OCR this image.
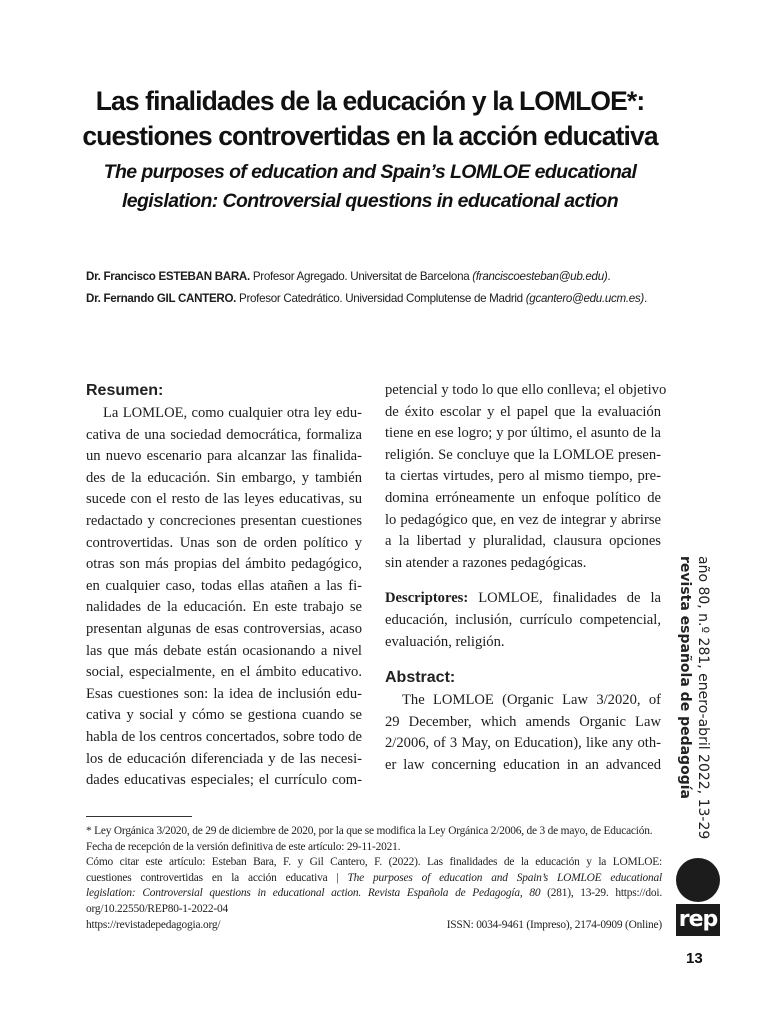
Las finalidades de la educación y la LOMLOE*:
cuestiones controvertidas en la acción educativa
The purposes of education and Spain’s LOMLOE educational
legislation: Controversial questions in educational action
Dr. Francisco ESTEBAN BARA. Profesor Agregado. Universitat de Barcelona (franciscoesteban@ub.edu).
Dr. Fernando GIL CANTERO. Profesor Catedrático. Universidad Complutense de Madrid (gcantero@edu.ucm.es).
Resumen:

La LOMLOE, como cualquier otra ley edu-
cativa de una sociedad democrática, formaliza
un nuevo escenario para alcanzar las finalida-
des de la educación. Sin embargo, y también
sucede con el resto de las leyes educativas, su
redactado y concreciones presentan cuestiones
controvertidas. Unas son de orden político y
otras son más propias del ámbito pedagógico,
en cualquier caso, todas ellas atañen a las fi-
nalidades de la educación. En este trabajo se
presentan algunas de esas controversias, acaso
las que más debate están ocasionando a nivel
social, especialmente, en el ámbito educativo.
Esas cuestiones son: la idea de inclusión edu-
cativa y social y cómo se gestiona cuando se
habla de los centros concertados, sobre todo de
los de educación diferenciada y de las necesi-
dades educativas especiales; el currículo com-

petencial y todo lo que ello conlleva; el objetivo
de éxito escolar y el papel que la evaluación
tiene en ese logro; y por último, el asunto de la
religión. Se concluye que la LOMLOE presen-
ta ciertas virtudes, pero al mismo tiempo, pre-
domina erróneamente un enfoque político de
lo pedagógico que, en vez de integrar y abrirse
a la libertad y pluralidad, clausura opciones
sin atender a razones pedagógicas.

Descriptores: LOMLOE, finalidades de la
educación, inclusión, currículo competencial,
evaluación, religión.

Abstract:

The LOMLOE (Organic Law 3/2020, of
29 December, which amends Organic Law
2/2006, of 3 May, on Education), like any oth-
er law concerning education in an advanced	año 80, n.º 281, enero-abril 2022, 13-29
revista española de pedagogía
rep
* Ley Orgánica 3/2020, de 29 de diciembre de 2020, por la que se modifica la Ley Orgánica 2/2006, de 3 de mayo, de Educación.
Fecha de recepción de la versión definitiva de este artículo: 29-11-2021.
Cómo citar este artículo: Esteban Bara, F. y Gil Cantero, F. (2022). Las finalidades de la educación y la LOMLOE:
cuestiones controvertidas en la acción educativa | The purposes of education and Spain’s LOMLOE educational
legislation: Controversial questions in educational action. Revista Española de Pedagogía, 80 (281), 13-29. https://doi.
org/10.22550/REP80-1-2022-04
https://revistadepedagogia.org/	ISSN: 0034-9461 (Impreso), 2174-0909 (Online)
13
